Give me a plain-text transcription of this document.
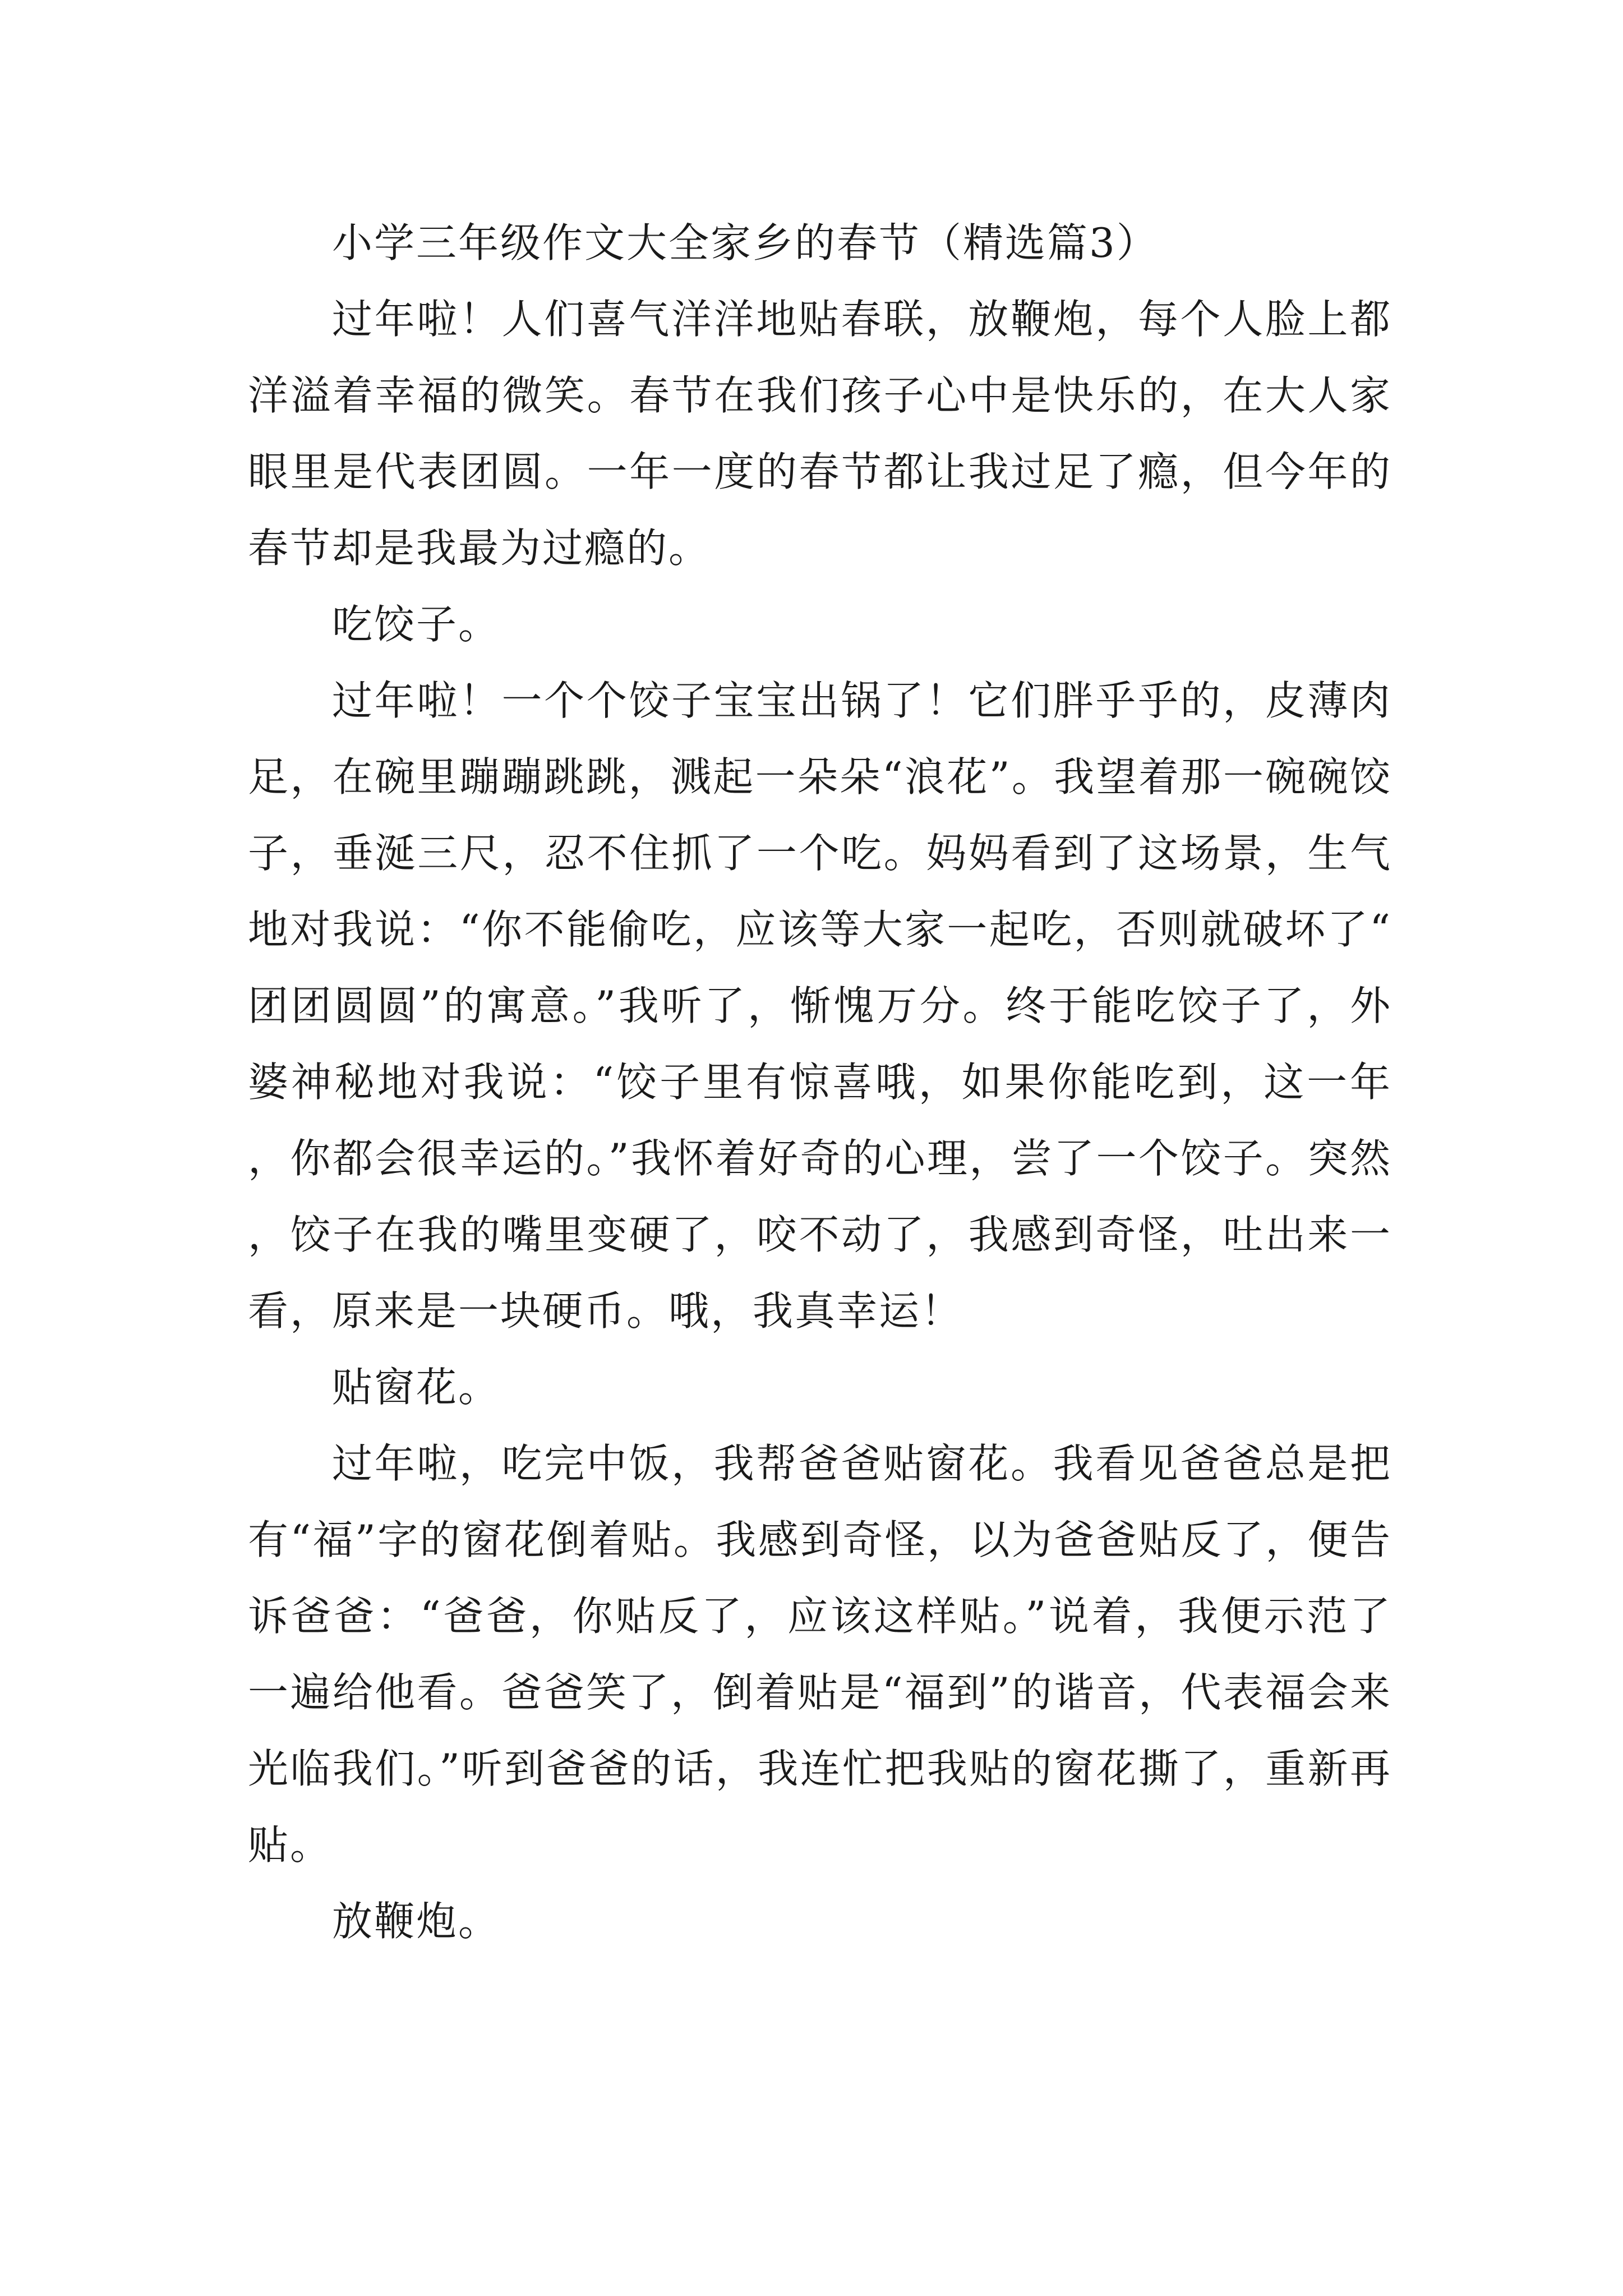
小学三年级作文大全家乡的春节（精选篇3）

过年啦！人们喜气洋洋地贴春联，放鞭炮，每个人脸上都洋溢着幸福的微笑。春节在我们孩子心中是快乐的，在大人家眼里是代表团圆。一年一度的春节都让我过足了瘾，但今年的春节却是我最为过瘾的。

吃饺子。

过年啦！一个个饺子宝宝出锅了！它们胖乎乎的，皮薄肉足，在碗里蹦蹦跳跳，溅起一朵朵“浪花”。我望着那一碗碗饺子，垂涎三尺，忍不住抓了一个吃。妈妈看到了这场景，生气地对我说：“你不能偷吃，应该等大家一起吃，否则就破坏了“团团圆圆”的寓意。”我听了，惭愧万分。终于能吃饺子了，外婆神秘地对我说：“饺子里有惊喜哦，如果你能吃到，这一年，你都会很幸运的。”我怀着好奇的心理，尝了一个饺子。突然，饺子在我的嘴里变硬了，咬不动了，我感到奇怪，吐出来一看，原来是一块硬币。哦，我真幸运！

贴窗花。

过年啦，吃完中饭，我帮爸爸贴窗花。我看见爸爸总是把有“福”字的窗花倒着贴。我感到奇怪，以为爸爸贴反了，便告诉爸爸：“爸爸，你贴反了，应该这样贴。”说着，我便示范了一遍给他看。爸爸笑了，倒着贴是“福到”的谐音，代表福会来光临我们。”听到爸爸的话，我连忙把我贴的窗花撕了，重新再贴。

放鞭炮。
